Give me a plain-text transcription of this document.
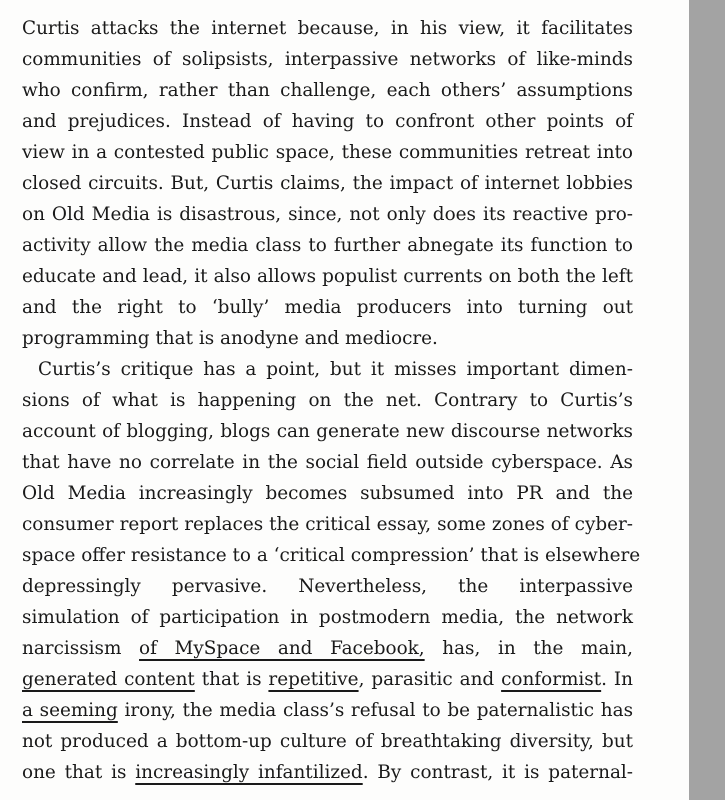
Curtis attacks the internet because, in his view, it facilitates
communities of solipsists, interpassive networks of like-minds
who confirm, rather than challenge, each others’ assumptions
and prejudices. Instead of having to confront other points of
view in a contested public space, these communities retreat into
closed circuits. But, Curtis claims, the impact of internet lobbies
on Old Media is disastrous, since, not only does its reactive pro-
activity allow the media class to further abnegate its function to
educate and lead, it also allows populist currents on both the left
and the right to ‘bully’ media producers into turning out
programming that is anodyne and mediocre.
Curtis’s critique has a point, but it misses important dimen-
sions of what is happening on the net. Contrary to Curtis’s
account of blogging, blogs can generate new discourse networks
that have no correlate in the social field outside cyberspace. As
Old Media increasingly becomes subsumed into PR and the
consumer report replaces the critical essay, some zones of cyber-
space offer resistance to a ‘critical compression’ that is elsewhere
depressingly pervasive. Nevertheless, the interpassive
simulation of participation in postmodern media, the network
narcissism of MySpace and Facebook, has, in the main,
generated content that is repetitive, parasitic and conformist. In
a seeming irony, the media class’s refusal to be paternalistic has
not produced a bottom-up culture of breathtaking diversity, but
one that is increasingly infantilized. By contrast, it is paternal-
